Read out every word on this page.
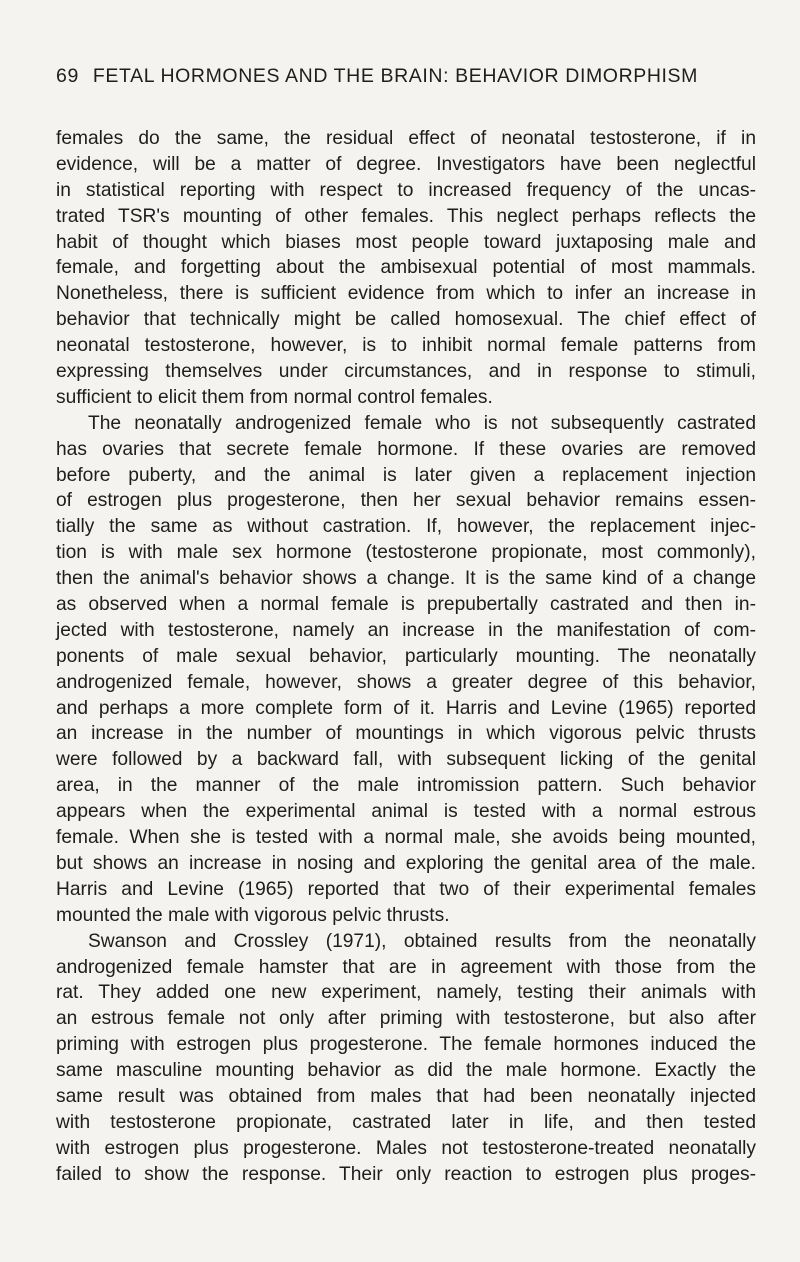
69 FETAL HORMONES AND THE BRAIN: BEHAVIOR DIMORPHISM
females do the same, the residual effect of neonatal testosterone, if in
evidence, will be a matter of degree. Investigators have been neglectful
in statistical reporting with respect to increased frequency of the uncas-
trated TSR's mounting of other females. This neglect perhaps reflects the
habit of thought which biases most people toward juxtaposing male and
female, and forgetting about the ambisexual potential of most mammals.
Nonetheless, there is sufficient evidence from which to infer an increase in
behavior that technically might be called homosexual. The chief effect of
neonatal testosterone, however, is to inhibit normal female patterns from
expressing themselves under circumstances, and in response to stimuli,
sufficient to elicit them from normal control females.
The neonatally androgenized female who is not subsequently castrated
has ovaries that secrete female hormone. If these ovaries are removed
before puberty, and the animal is later given a replacement injection
of estrogen plus progesterone, then her sexual behavior remains essen-
tially the same as without castration. If, however, the replacement injec-
tion is with male sex hormone (testosterone propionate, most commonly),
then the animal's behavior shows a change. It is the same kind of a change
as observed when a normal female is prepubertally castrated and then in-
jected with testosterone, namely an increase in the manifestation of com-
ponents of male sexual behavior, particularly mounting. The neonatally
androgenized female, however, shows a greater degree of this behavior,
and perhaps a more complete form of it. Harris and Levine (1965) reported
an increase in the number of mountings in which vigorous pelvic thrusts
were followed by a backward fall, with subsequent licking of the genital
area, in the manner of the male intromission pattern. Such behavior
appears when the experimental animal is tested with a normal estrous
female. When she is tested with a normal male, she avoids being mounted,
but shows an increase in nosing and exploring the genital area of the male.
Harris and Levine (1965) reported that two of their experimental females
mounted the male with vigorous pelvic thrusts.
Swanson and Crossley (1971), obtained results from the neonatally
androgenized female hamster that are in agreement with those from the
rat. They added one new experiment, namely, testing their animals with
an estrous female not only after priming with testosterone, but also after
priming with estrogen plus progesterone. The female hormones induced the
same masculine mounting behavior as did the male hormone. Exactly the
same result was obtained from males that had been neonatally injected
with testosterone propionate, castrated later in life, and then tested
with estrogen plus progesterone. Males not testosterone-treated neonatally
failed to show the response. Their only reaction to estrogen plus proges-
